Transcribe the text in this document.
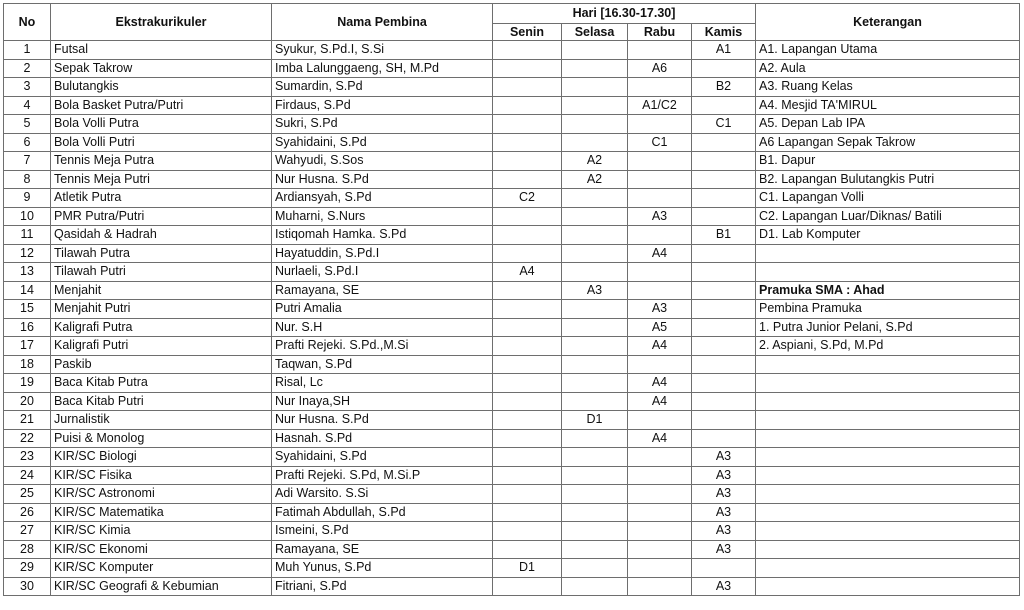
No	Ekstrakurikuler	Nama Pembina	Hari [16.30-17.30]				Keterangan
			Senin	Selasa	Rabu	Kamis	
1	Futsal	Syukur, S.Pd.I, S.Si				A1	A1. Lapangan Utama
2	Sepak Takrow	Imba Lalunggaeng, SH, M.Pd			A6		A2. Aula
3	Bulutangkis	Sumardin, S.Pd				B2	A3. Ruang Kelas
4	Bola Basket Putra/Putri	Firdaus, S.Pd			A1/C2		A4. Mesjid TA'MIRUL
5	Bola Volli Putra	Sukri, S.Pd				C1	A5. Depan Lab IPA
6	Bola Volli Putri	Syahidaini, S.Pd			C1		A6 Lapangan Sepak Takrow
7	Tennis Meja Putra	Wahyudi, S.Sos		A2			B1. Dapur
8	Tennis Meja Putri	Nur Husna. S.Pd		A2			B2. Lapangan Bulutangkis Putri
9	Atletik Putra	Ardiansyah, S.Pd	C2				C1. Lapangan Volli
10	PMR Putra/Putri	Muharni, S.Nurs			A3		C2. Lapangan Luar/Diknas/ Batili
11	Qasidah & Hadrah	Istiqomah Hamka. S.Pd				B1	D1. Lab Komputer
12	Tilawah Putra	Hayatuddin, S.Pd.I			A4		
13	Tilawah Putri	Nurlaeli, S.Pd.I	A4				
14	Menjahit	Ramayana, SE		A3			Pramuka SMA : Ahad
15	Menjahit Putri	Putri Amalia			A3		Pembina Pramuka
16	Kaligrafi Putra	Nur. S.H			A5		1. Putra Junior Pelani, S.Pd
17	Kaligrafi Putri	Prafti Rejeki. S.Pd.,M.Si			A4		2. Aspiani, S.Pd, M.Pd
18	Paskib	Taqwan, S.Pd					
19	Baca Kitab Putra	Risal, Lc			A4		
20	Baca Kitab Putri	Nur Inaya,SH			A4		
21	Jurnalistik	Nur Husna. S.Pd		D1			
22	Puisi & Monolog	Hasnah. S.Pd			A4		
23	KIR/SC Biologi	Syahidaini, S.Pd				A3	
24	KIR/SC Fisika	Prafti Rejeki. S.Pd, M.Si.P				A3	
25	KIR/SC Astronomi	Adi Warsito. S.Si				A3	
26	KIR/SC Matematika	Fatimah Abdullah, S.Pd				A3	
27	KIR/SC Kimia	Ismeini, S.Pd				A3	
28	KIR/SC Ekonomi	Ramayana, SE				A3	
29	KIR/SC Komputer	Muh Yunus, S.Pd	D1				
30	KIR/SC Geografi & Kebumian	Fitriani, S.Pd				A3	
